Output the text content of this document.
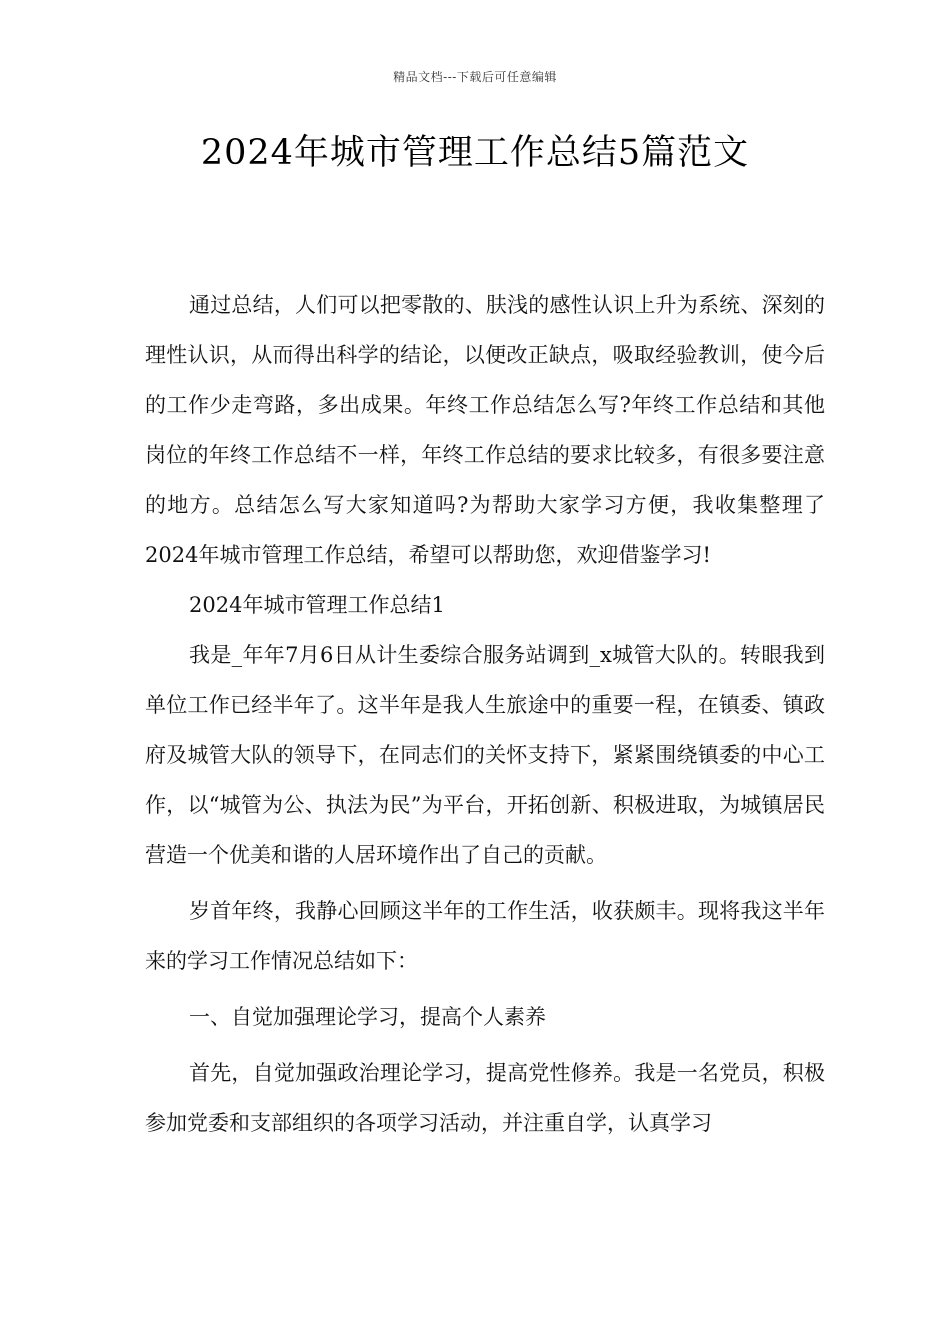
精品文档---下载后可任意编辑
2024年城市管理工作总结5篇范文

通过总结，人们可以把零散的、肤浅的感性认识上升为系统、深刻的理性认识，从而得出科学的结论，以便改正缺点，吸取经验教训，使今后的工作少走弯路，多出成果。年终工作总结怎么写?年终工作总结和其他岗位的年终工作总结不一样，年终工作总结的要求比较多，有很多要注意的地方。总结怎么写大家知道吗?为帮助大家学习方便，我收集整理了2024年城市管理工作总结，希望可以帮助您，欢迎借鉴学习!

2024年城市管理工作总结1

我是_年年7月6日从计生委综合服务站调到_x城管大队的。转眼我到单位工作已经半年了。这半年是我人生旅途中的重要一程，在镇委、镇政府及城管大队的领导下，在同志们的关怀支持下，紧紧围绕镇委的中心工作，以“城管为公、执法为民”为平台，开拓创新、积极进取，为城镇居民营造一个优美和谐的人居环境作出了自己的贡献。

岁首年终，我静心回顾这半年的工作生活，收获颇丰。现将我这半年来的学习工作情况总结如下：

一、自觉加强理论学习，提高个人素养

首先，自觉加强政治理论学习，提高党性修养。我是一名党员，积极参加党委和支部组织的各项学习活动，并注重自学，认真学习
